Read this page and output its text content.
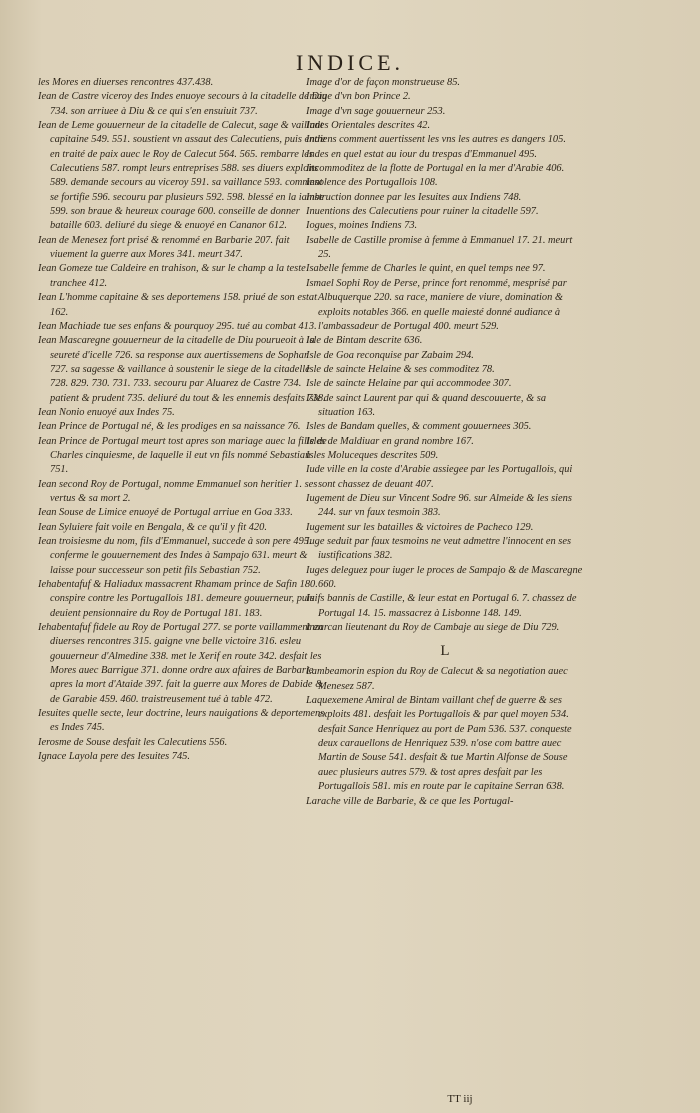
INDICE.

les Mores en diuerses rencontres 437.438.

Iean de Castre viceroy des Indes enuoye secours à la citadelle de Diu 734. son arriuee à Diu & ce qui s'en ensuiuit 737.

Iean de Leme gouuerneur de la citadelle de Calecut, sage & vaillant capitaine 549. 551. soustient vn assaut des Calecutiens, puis entre en traité de paix auec le Roy de Calecut 564. 565. rembarre les Calecutiens 587. rompt leurs entreprises 588. ses diuers exploits 589. demande secours au viceroy 591. sa vaillance 593. comment se fortifie 596. secouru par plusieurs 592. 598. blessé en la iambe 599. son braue & heureux courage 600. conseille de donner bataille 603. deliuré du siege & enuoyé en Cananor 612.

Iean de Menesez fort prisé & renommé en Barbarie 207. fait viuement la guerre aux Mores 341. meurt 347.

Iean Gomeze tue Caldeire en trahison, & sur le champ a la teste tranchee 412.

Iean L'homme capitaine & ses deportemens 158. priué de son estat 162.

Iean Machiade tue ses enfans & pourquoy 295. tué au combat 413.

Iean Mascaregne gouuerneur de la citadelle de Diu pourueoit à la seureté d'icelle 726. sa response aux auertissemens de Sophar 727. sa sagesse & vaillance à soustenir le siege de la citadelle 728. 829. 730. 731. 733. secouru par Aluarez de Castre 734. patient & prudent 735. deliuré du tout & les ennemis desfaits 738.

Iean Nonio enuoyé aux Indes 75.

Iean Prince de Portugal né, & les prodiges en sa naissance 76.

Iean Prince de Portugal meurt tost apres son mariage auec la fille de Charles cinquiesme, de laquelle il eut vn fils nommé Sebastian 751.

Iean second Roy de Portugal, nomme Emmanuel son heritier 1. ses vertus & sa mort 2.

Iean Souse de Limice enuoyé de Portugal arriue en Goa 333.

Iean Syluiere fait voile en Bengala, & ce qu'il y fit 420.

Iean troisiesme du nom, fils d'Emmanuel, succede à son pere 495. conferme le gouuernement des Indes à Sampajo 631. meurt & laisse pour successeur son petit fils Sebastian 752.

Iehabentafuf & Haliadux massacrent Rhamam prince de Safin 180. conspire contre les Portugallois 181. demeure gouuerneur, puis deuient pensionnaire du Roy de Portugal 181. 183.

Iehabentafuf fidele au Roy de Portugal 277. se porte vaillamment en diuerses rencontres 315. gaigne vne belle victoire 316. esleu gouuerneur d'Almedine 338. met le Xerif en route 342. desfait les Mores auec Barrigue 371. donne ordre aux afaires de Barbarie apres la mort d'Ataide 397. fait la guerre aux Mores de Dabide & de Garabie 459. 460. traistreusement tué à table 472.

Iesuites quelle secte, leur doctrine, leurs nauigations & deportemens es Indes 745.

Ierosme de Souse desfait les Calecutiens 556.

Ignace Layola pere des Iesuites 745.

Image d'or de façon monstrueuse 85.

Image d'vn bon Prince 2.

Image d'vn sage gouuerneur 253.

Indes Orientales descrites 42.

Indiens comment auertissent les vns les autres es dangers 105.

Indes en quel estat au iour du trespas d'Emmanuel 495.

Incommoditez de la flotte de Portugal en la mer d'Arabie 406.

Insolence des Portugallois 108.

Instruction donnee par les Iesuites aux Indiens 748.

Inuentions des Calecutiens pour ruiner la citadelle 597.

Iogues, moines Indiens 73.

Isabelle de Castille promise à femme à Emmanuel 17. 21. meurt 25.

Isabelle femme de Charles le quint, en quel temps nee 97.

Ismael Sophi Roy de Perse, prince fort renommé, mesprisé par Albuquerque 220. sa race, maniere de viure, domination & exploits notables 366. en quelle maiesté donné audiance à l'ambassadeur de Portugal 400. meurt 529.

Isle de Bintam descrite 636.

Isle de Goa reconquise par Zabaim 294.

Isle de saincte Helaine & ses commoditez 78.

Isle de saincte Helaine par qui accommodee 307.

Isle de sainct Laurent par qui & quand descouuerte, & sa situation 163.

Isles de Bandam quelles, & comment gouuernees 305.

Isles de Maldiuar en grand nombre 167.

Isles Moluceques descrites 509.

Iude ville en la coste d'Arabie assiegee par les Portugallois, qui sont chassez de deuant 407.

Iugement de Dieu sur Vincent Sodre 96. sur Almeide & les siens 244. sur vn faux tesmoin 383.

Iugement sur les batailles & victoires de Pacheco 129.

Iuge seduit par faux tesmoins ne veut admettre l'innocent en ses iustifications 382.

Iuges deleguez pour iuger le proces de Sampajo & de Mascaregne 660.

Iuifs bannis de Castille, & leur estat en Portugal 6. 7. chassez de Portugal 14. 15. massacrez à Lisbonne 148. 149.

Inzarcan lieutenant du Roy de Cambaje au siege de Diu 729.

L

Lambeamorin espion du Roy de Calecut & sa negotiation auec Menesez 587.

Laquexemene Amiral de Bintam vaillant chef de guerre & ses exploits 481. desfait les Portugallois & par quel moyen 534. desfait Sance Henriquez au port de Pam 536. 537. conqueste deux carauellons de Henriquez 539. n'ose com battre auec Martin de Souse 541. desfait & tue Martin Alfonse de Souse auec plusieurs autres 579. & tost apres desfait par les Portugallois 581. mis en route par le capitaine Serran 638.

Larache ville de Barbarie, & ce que les Portugal-

TT iij
